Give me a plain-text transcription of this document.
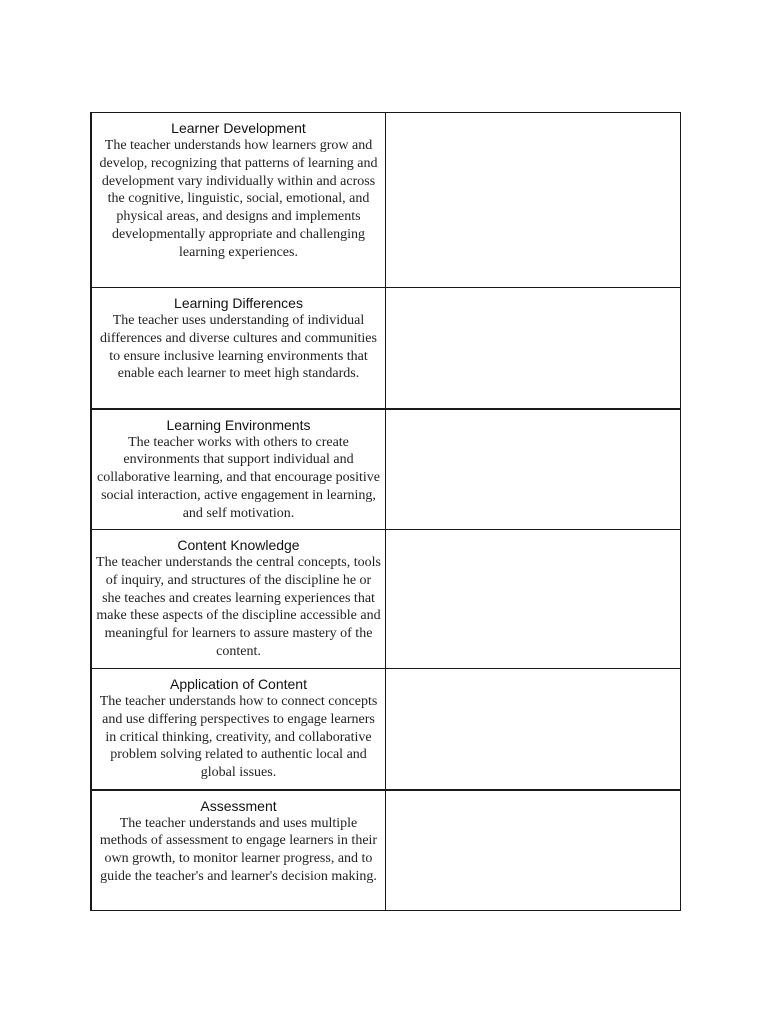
Learner Development

The teacher understands how learners grow and develop, recognizing that patterns of learning and development vary individually within and across the cognitive, linguistic, social, emotional, and physical areas, and designs and implements developmentally appropriate and challenging learning experiences.	

Learning Differences

The teacher uses understanding of individual differences and diverse cultures and communities to ensure inclusive learning environments that enable each learner to meet high standards.	

Learning Environments

The teacher works with others to create environments that support individual and collaborative learning, and that encourage positive social interaction, active engagement in learning, and self motivation.	

Content Knowledge

The teacher understands the central concepts, tools of inquiry, and structures of the discipline he or she teaches and creates learning experiences that make these aspects of the discipline accessible and meaningful for learners to assure mastery of the content.	

Application of Content

The teacher understands how to connect concepts and use differing perspectives to engage learners in critical thinking, creativity, and collaborative problem solving related to authentic local and global issues.	

Assessment

The teacher understands and uses multiple methods of assessment to engage learners in their own growth, to monitor learner progress, and to guide the teacher's and learner's decision making.	
